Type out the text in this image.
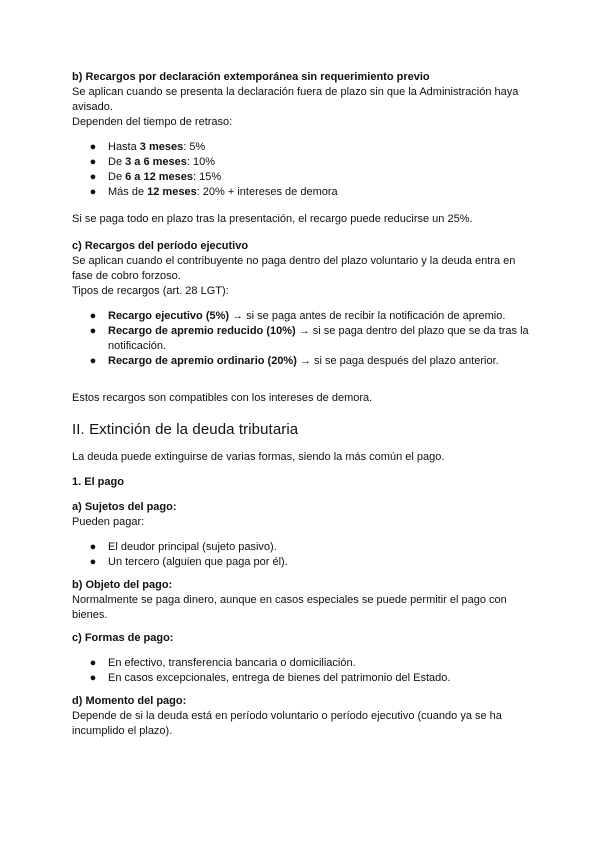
b) Recargos por declaración extemporánea sin requerimiento previo

Se aplican cuando se presenta la declaración fuera de plazo sin que la Administración haya avisado.

Dependen del tiempo de retraso:

● Hasta 3 meses: 5%
● De 3 a 6 meses: 10%
● De 6 a 12 meses: 15%
● Más de 12 meses: 20% + intereses de demora

Si se paga todo en plazo tras la presentación, el recargo puede reducirse un 25%.

c) Recargos del período ejecutivo

Se aplican cuando el contribuyente no paga dentro del plazo voluntario y la deuda entra en fase de cobro forzoso.

Tipos de recargos (art. 28 LGT):

● Recargo ejecutivo (5%) → si se paga antes de recibir la notificación de apremio.
● Recargo de apremio reducido (10%) → si se paga dentro del plazo que se da tras la notificación.
● Recargo de apremio ordinario (20%) → si se paga después del plazo anterior.

Estos recargos son compatibles con los intereses de demora.

II. Extinción de la deuda tributaria

La deuda puede extinguirse de varias formas, siendo la más común el pago.

1. El pago

a) Sujetos del pago:

Pueden pagar:

● El deudor principal (sujeto pasivo).
● Un tercero (alguien que paga por él).

b) Objeto del pago:

Normalmente se paga dinero, aunque en casos especiales se puede permitir el pago con bienes.

c) Formas de pago:

● En efectivo, transferencia bancaria o domiciliación.
● En casos excepcionales, entrega de bienes del patrimonio del Estado.

d) Momento del pago:

Depende de si la deuda está en período voluntario o período ejecutivo (cuando ya se ha incumplido el plazo).
